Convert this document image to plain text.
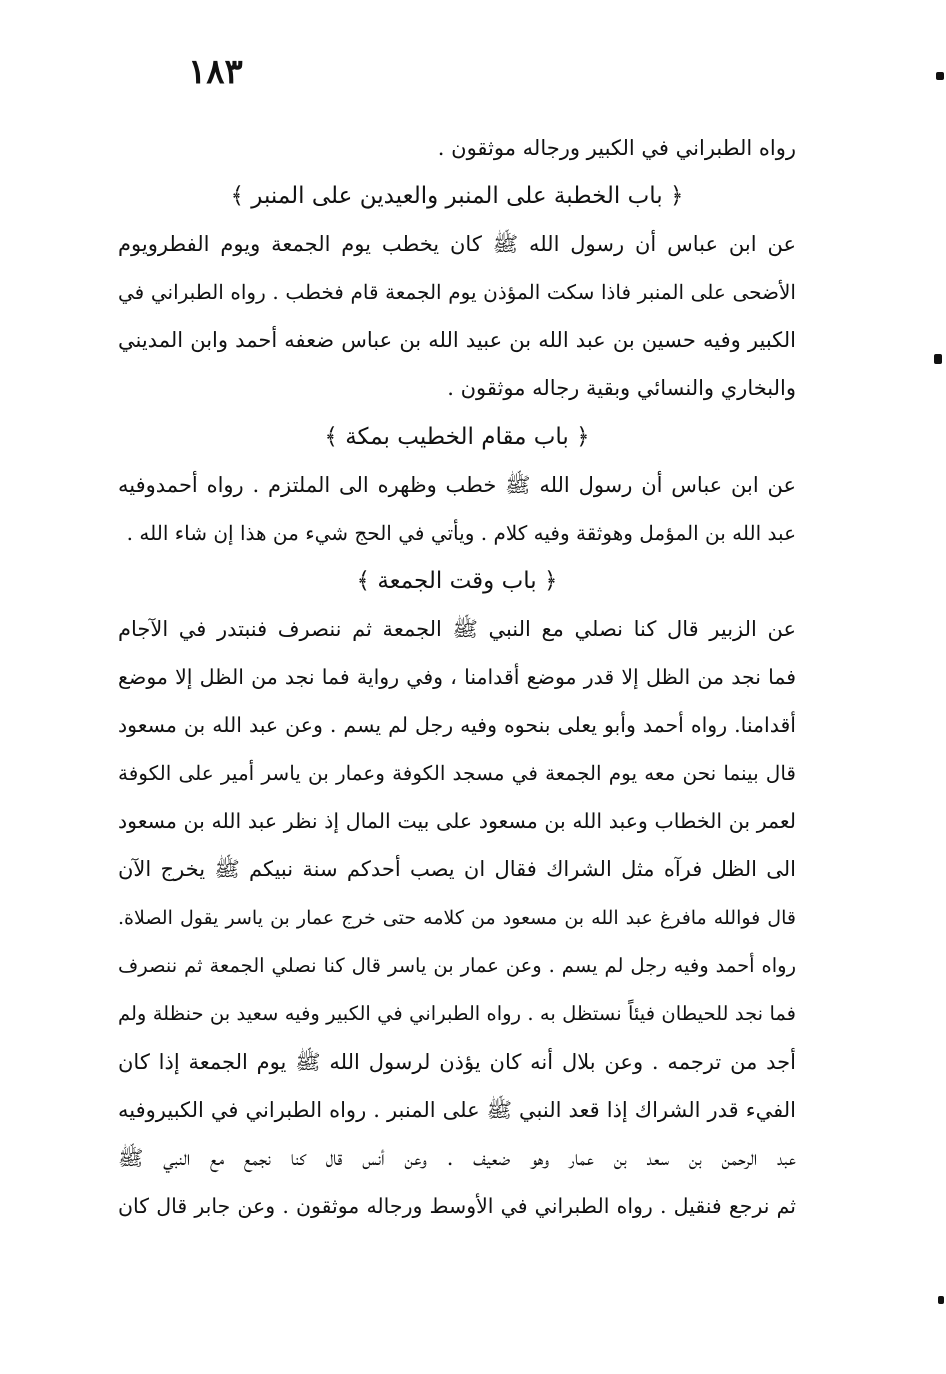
١٨٣
رواه الطبراني في الكبير ورجاله موثقون .
﴿ باب الخطبة على المنبر والعيدين على المنبر ﴾
عن ابن عباس أن رسول الله ﷺ كان يخطب يوم الجمعة ويوم الفطرويوم
الأضحى على المنبر فاذا سكت المؤذن يوم الجمعة قام فخطب . رواه الطبراني في
الكبير وفيه حسين بن عبد الله بن عبيد الله بن عباس ضعفه أحمد وابن المديني
والبخاري والنسائي وبقية رجاله موثقون .
﴿ باب مقام الخطيب بمكة ﴾
عن ابن عباس أن رسول الله ﷺ خطب وظهره الى الملتزم . رواه أحمدوفيه
عبد الله بن المؤمل وهوثقة وفيه كلام . ويأتي في الحج شيء من هذا إن شاء الله .
﴿ باب وقت الجمعة ﴾
عن الزبير قال كنا نصلي مع النبي ﷺ الجمعة ثم ننصرف فنبتدر في الآجام
فما نجد من الظل إلا قدر موضع أقدامنا ، وفي رواية فما نجد من الظل إلا موضع
أقدامنا. رواه أحمد وأبو يعلى بنحوه وفيه رجل لم يسم . وعن عبد الله بن مسعود
قال بينما نحن معه يوم الجمعة في مسجد الكوفة وعمار بن ياسر أمير على الكوفة
لعمر بن الخطاب وعبد الله بن مسعود على بيت المال إذ نظر عبد الله بن مسعود
الى الظل فرآه مثل الشراك فقال ان يصب أحدكم سنة نبيكم ﷺ يخرج الآن
قال فوالله مافرغ عبد الله بن مسعود من كلامه حتى خرج عمار بن ياسر يقول الصلاة.
رواه أحمد وفيه رجل لم يسم . وعن عمار بن ياسر قال كنا نصلي الجمعة ثم ننصرف
فما نجد للحيطان فيئاً نستظل به . رواه الطبراني في الكبير وفيه سعيد بن حنظلة ولم
أجد من ترجمه . وعن بلال أنه كان يؤذن لرسول الله ﷺ يوم الجمعة إذا كان
الفيء قدر الشراك إذا قعد النبي ﷺ على المنبر . رواه الطبراني في الكبيروفيه
عبد الرحمن بن سعد بن عمار وهو ضعيف . وعن أنس قال كنا نجمع مع النبي ﷺ
ثم نرجع فنقيل . رواه الطبراني في الأوسط ورجاله موثقون . وعن جابر قال كان
